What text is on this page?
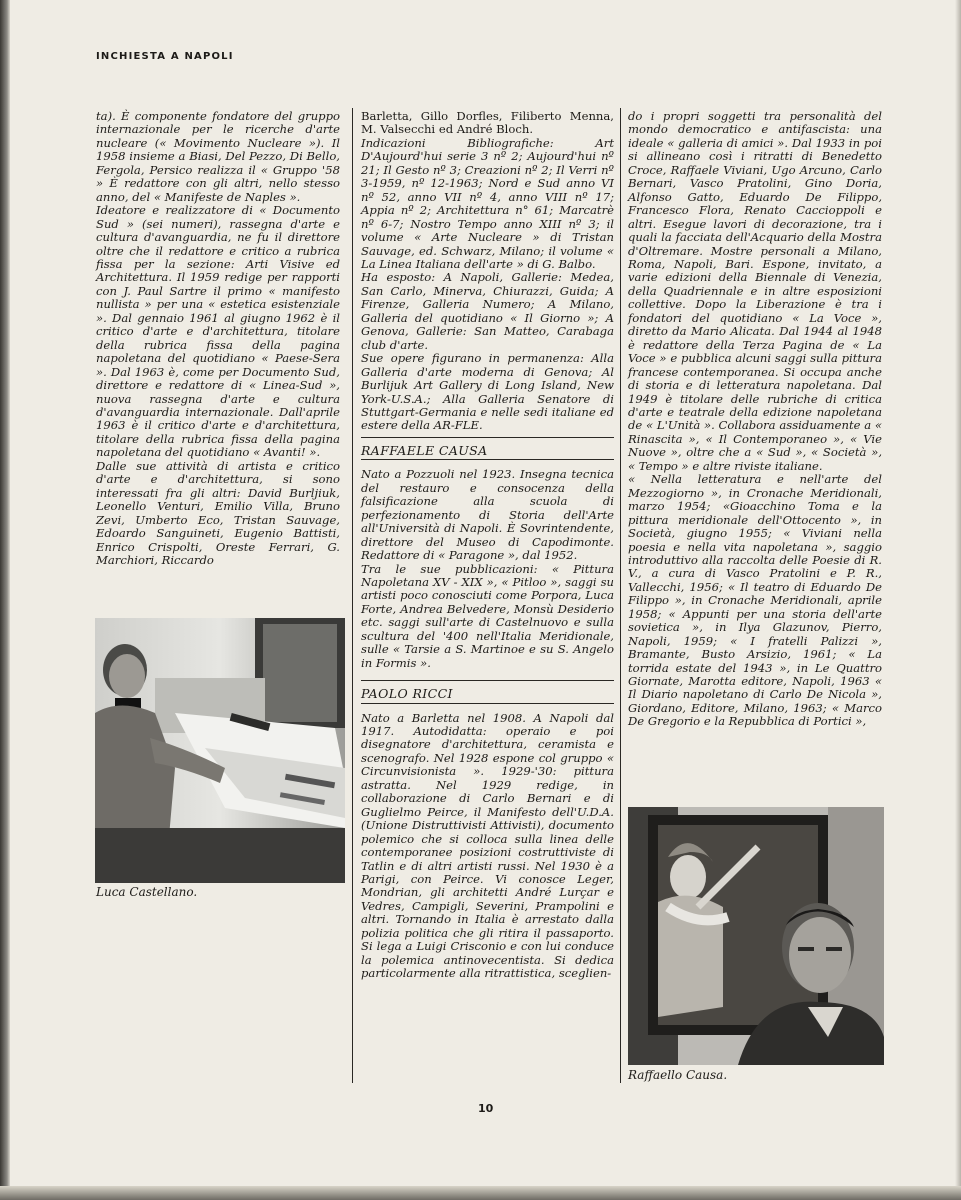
INCHIESTA A NAPOLI

ta). È componente fondatore del gruppo internazionale per le ricerche d'arte nucleare (« Movimento Nucleare »). Il 1958 insieme a Biasi, Del Pezzo, Di Bello, Fergola, Persico realizza il « Gruppo '58 » È redattore con gli altri, nello stesso anno, del « Manifeste de Naples ».

Ideatore e realizzatore di « Documento Sud » (sei numeri), rassegna d'arte e cultura d'avanguardia, ne fu il direttore oltre che il redattore e critico a rubrica fissa per la sezione: Arti Visive ed Architettura. Il 1959 redige per rapporti con J. Paul Sartre il primo « manifesto nullista » per una « estetica esistenziale ». Dal gennaio 1961 al giugno 1962 è il critico d'arte e d'architettura, titolare della rubrica fissa della pagina napoletana del quotidiano « Paese-Sera ». Dal 1963 è, come per Documento Sud, direttore e redattore di « Linea-Sud », nuova rassegna d'arte e cultura d'avanguardia internazionale. Dall'aprile 1963 è il critico d'arte e d'architettura, titolare della rubrica fissa della pagina napoletana del quotidiano « Avanti! ».

Dalle sue attività di artista e critico d'arte e d'architettura, si sono interessati fra gli altri: David Burljiuk, Leonello Venturi, Emilio Villa, Bruno Zevi, Umberto Eco, Tristan Sauvage, Edoardo Sanguineti, Eugenio Battisti, Enrico Crispolti, Oreste Ferrari, G. Marchiori, Riccardo

Luca Castellano.

Barletta, Gillo Dorfles, Filiberto Menna, M. Valsecchi ed André Bloch.

Indicazioni Bibliografiche: Art D'Aujourd'hui serie 3 nº 2; Aujourd'hui nº 21; Il Gesto nº 3; Creazioni nº 2; Il Verri nº 3-1959, nº 12-1963; Nord e Sud anno VI nº 52, anno VII nº 4, anno VIII nº 17; Appia nº 2; Architettura n° 61; Marcatrè nº 6-7; Nostro Tempo anno XIII nº 3; il volume « Arte Nucleare » di Tristan Sauvage, ed. Schwarz, Milano; il volume « La Linea Italiana dell'arte » di G. Balbo.

Ha esposto: A Napoli, Gallerie: Medea, San Carlo, Minerva, Chiurazzi, Guida; A Firenze, Galleria Numero; A Milano, Galleria del quotidiano « Il Giorno »; A Genova, Gallerie: San Matteo, Carabaga club d'arte.

Sue opere figurano in permanenza: Alla Galleria d'arte moderna di Genova; Al Burlijuk Art Gallery di Long Island, New York-U.S.A.; Alla Galleria Senatore di Stuttgart-Germania e nelle sedi italiane ed estere della AR-FLE.

RAFFAELE CAUSA

Nato a Pozzuoli nel 1923. Insegna tecnica del restauro e consocenza della falsificazione alla scuola di perfezionamento di Storia dell'Arte all'Università di Napoli. È Sovrintendente, direttore del Museo di Capodimonte. Redattore di « Paragone », dal 1952.

Tra le sue pubblicazioni: « Pittura Napoletana XV - XIX », « Pitloo », saggi su artisti poco conosciuti come Porpora, Luca Forte, Andrea Belvedere, Monsù Desiderio etc. saggi sull'arte di Castelnuovo e sulla scultura del '400 nell'Italia Meridionale, sulle « Tarsie a S. Martinoe e su S. Angelo in Formis ».

PAOLO RICCI

Nato a Barletta nel 1908. A Napoli dal 1917. Autodidatta: operaio e poi disegnatore d'architettura, ceramista e scenografo. Nel 1928 espone col gruppo « Circunvisionista ». 1929-'30: pittura astratta. Nel 1929 redige, in collaborazione di Carlo Bernari e di Guglielmo Peirce, il Manifesto dell'U.D.A. (Unione Distruttivisti Attivisti), documento polemico che si colloca sulla linea delle contemporanee posizioni costruttiviste di Tatlin e di altri artisti russi. Nel 1930 è a Parigi, con Peirce. Vi conosce Leger, Mondrian, gli architetti André Lurçar e Vedres, Campigli, Severini, Prampolini e altri. Tornando in Italia è arrestato dalla polizia politica che gli ritira il passaporto. Si lega a Luigi Crisconio e con lui conduce la polemica antinovecentista. Si dedica particolarmente alla ritrattistica, sceglien-

do i propri soggetti tra personalità del mondo democratico e antifascista: una ideale « galleria di amici ». Dal 1933 in poi si allineano così i ritratti di Benedetto Croce, Raffaele Viviani, Ugo Arcuno, Carlo Bernari, Vasco Pratolini, Gino Doria, Alfonso Gatto, Eduardo De Filippo, Francesco Flora, Renato Caccioppoli e altri. Esegue lavori di decorazione, tra i quali la facciata dell'Acquario della Mostra d'Oltremare. Mostre personali a Milano, Roma, Napoli, Bari. Espone, invitato, a varie edizioni della Biennale di Venezia, della Quadriennale e in altre esposizioni collettive. Dopo la Liberazione è tra i fondatori del quotidiano « La Voce », diretto da Mario Alicata. Dal 1944 al 1948 è redattore della Terza Pagina de « La Voce » e pubblica alcuni saggi sulla pittura francese contemporanea. Si occupa anche di storia e di letteratura napoletana. Dal 1949 è titolare delle rubriche di critica d'arte e teatrale della edizione napoletana de « L'Unità ». Collabora assiduamente a « Rinascita », « Il Contemporaneo », « Vie Nuove », oltre che a « Sud », « Società », « Tempo » e altre riviste italiane.

« Nella letteratura e nell'arte del Mezzogiorno », in Cronache Meridionali, marzo 1954; «Gioacchino Toma e la pittura meridionale dell'Ottocento », in Società, giugno 1955; « Viviani nella poesia e nella vita napoletana », saggio introduttivo alla raccolta delle Poesie di R. V., a cura di Vasco Pratolini e P. R., Vallecchi, 1956; « Il teatro di Eduardo De Filippo », in Cronache Meridionali, aprile 1958; « Appunti per una storia dell'arte sovietica », in Ilya Glazunov, Pierro, Napoli, 1959; « I fratelli Palizzi », Bramante, Busto Arsizio, 1961; « La torrida estate del 1943 », in Le Quattro Giornate, Marotta editore, Napoli, 1963 « Il Diario napoletano di Carlo De Nicola », Giordano, Editore, Milano, 1963; « Marco De Gregorio e la Repubblica di Portici »,

Raffaello Causa.
10
